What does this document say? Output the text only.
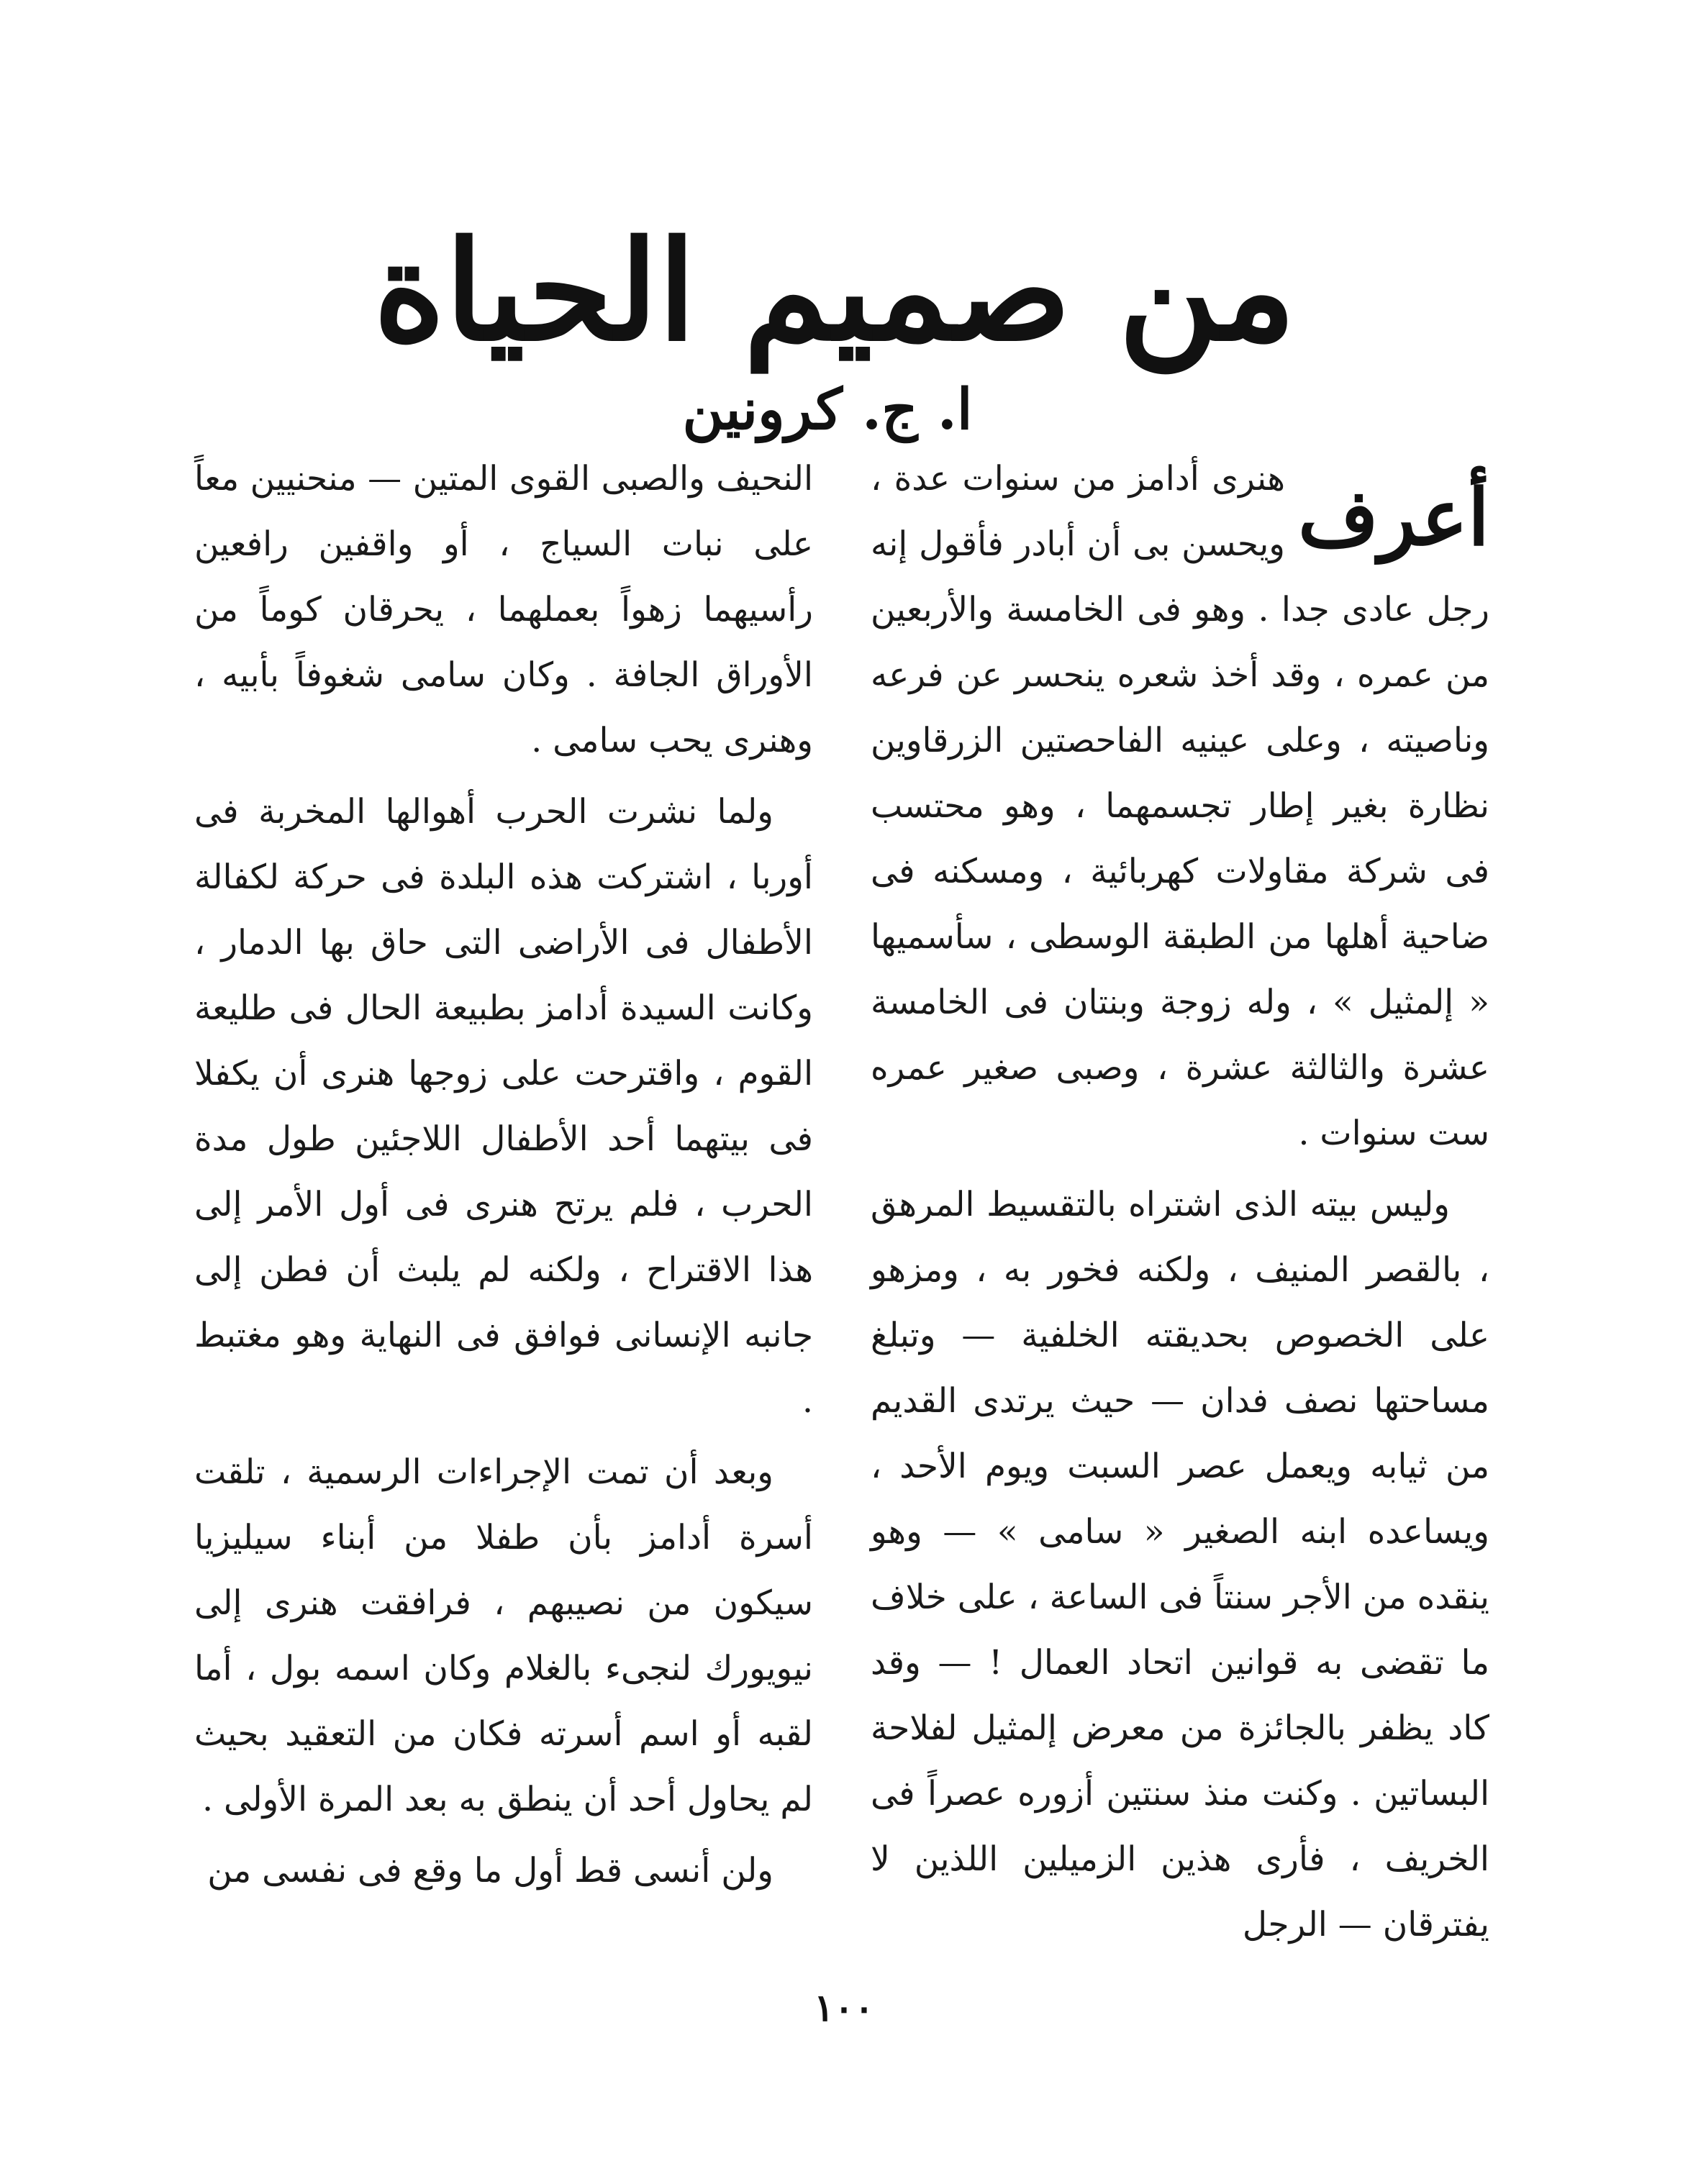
من صميم الحياة
ا. ج. كرونين

أعرف
هنرى أدامز من سنوات عدة ، ويحسن بى أن أبادر فأقول إنه رجل عادى جدا . وهو فى الخامسة والأربعين من عمره ، وقد أخذ شعره ينحسر عن فرعه وناصيته ، وعلى عينيه الفاحصتين الزرقاوين نظارة بغير إطار تجسمهما ، وهو محتسب فى شركة مقاولات كهربائية ، ومسكنه فى ضاحية أهلها من الطبقة الوسطى ، سأسميها « إلمثيل » ، وله زوجة وبنتان فى الخامسة عشرة والثالثة عشرة ، وصبى صغير عمره ست سنوات .

وليس بيته الذى اشتراه بالتقسيط المرهق ، بالقصر المنيف ، ولكنه فخور به ، ومزهو على الخصوص بحديقته الخلفية — وتبلغ مساحتها نصف فدان — حيث يرتدى القديم من ثيابه ويعمل عصر السبت ويوم الأحد ، ويساعده ابنه الصغير « سامى » — وهو ينقده من الأجر سنتاً فى الساعة ، على خلاف ما تقضى به قوانين اتحاد العمال ! — وقد كاد يظفر بالجائزة من معرض إلمثيل لفلاحة البساتين . وكنت منذ سنتين أزوره عصراً فى الخريف ، فأرى هذين الزميلين اللذين لا يفترقان — الرجل

النحيف والصبى القوى المتين — منحنيين معاً على نبات السياج ، أو واقفين رافعين رأسيهما زهواً بعملهما ، يحرقان كوماً من الأوراق الجافة . وكان سامى شغوفاً بأبيه ، وهنرى يحب سامى .

ولما نشرت الحرب أهوالها المخربة فى أوربا ، اشتركت هذه البلدة فى حركة لكفالة الأطفال فى الأراضى التى حاق بها الدمار ، وكانت السيدة أدامز بطبيعة الحال فى طليعة القوم ، واقترحت على زوجها هنرى أن يكفلا فى بيتهما أحد الأطفال اللاجئين طول مدة الحرب ، فلم يرتح هنرى فى أول الأمر إلى هذا الاقتراح ، ولكنه لم يلبث أن فطن إلى جانبه الإنسانى فوافق فى النهاية وهو مغتبط .

وبعد أن تمت الإجراءات الرسمية ، تلقت أسرة أدامز بأن طفلا من أبناء سيليزيا سيكون من نصيبهم ، فرافقت هنرى إلى نيويورك لنجىء بالغلام وكان اسمه بول ، أما لقبه أو اسم أسرته فكان من التعقيد بحيث لم يحاول أحد أن ينطق به بعد المرة الأولى .

ولن أنسى قط أول ما وقع فى نفسى من

١٠٠
